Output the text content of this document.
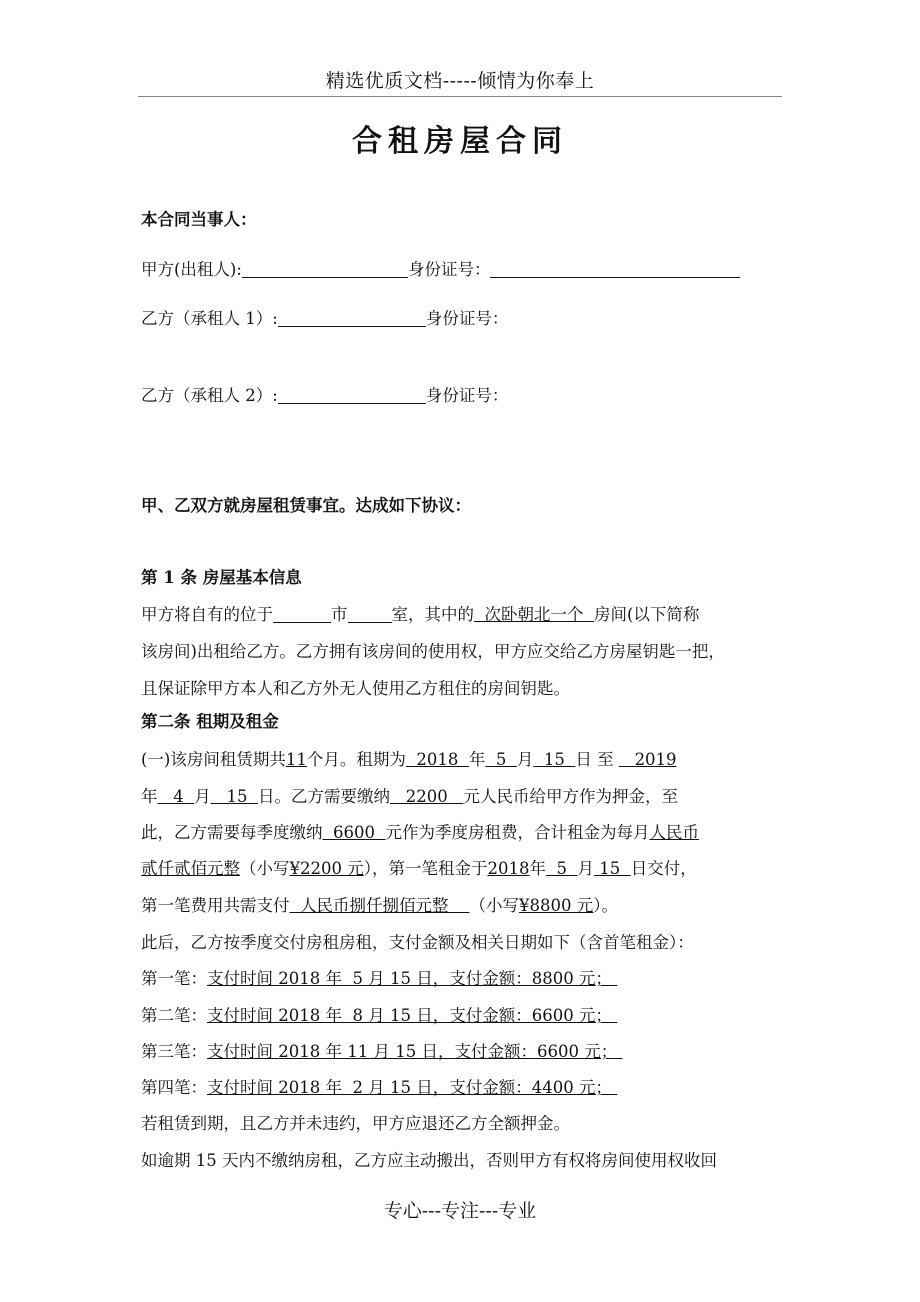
精选优质文档-----倾情为你奉上
合租房屋合同
本合同当事人：
甲方(出租人):	身份证号：
乙方（承租人 1）:	身份证号：
乙方（承租人 2）:	身份证号：
甲、乙双方就房屋租赁事宜。达成如下协议：
第 1 条 房屋基本信息
甲方将自有的位于	市	室，其中的  次卧朝北一个  房间(以下简称
该房间)出租给乙方。乙方拥有该房间的使用权，甲方应交给乙方房屋钥匙一把，
且保证除甲方本人和乙方外无人使用乙方租住的房间钥匙。
第二条 租期及租金
(一)该房间租赁期共11个月。租期为  2018  年  5  月  15  日 至    2019
年   4  月   15  日。乙方需要缴纳   2200   元人民币给甲方作为押金，至
此，乙方需要每季度缴纳  6600  元作为季度房租费，合计租金为每月人民币
贰仟贰佰元整（小写¥2200 元），第一笔租金于2018年  5  月 15  日交付，
第一笔费用共需支付  人民币捌仟捌佰元整    （小写¥8800 元）。
此后，乙方按季度交付房租房租，支付金额及相关日期如下（含首笔租金）：
第一笔：支付时间 2018 年  5 月 15 日，支付金额：8800 元；
第二笔：支付时间 2018 年  8 月 15 日，支付金额：6600 元；
第三笔：支付时间 2018 年 11 月 15 日，支付金额：6600 元；
第四笔：支付时间 2018 年  2 月 15 日，支付金额：4400 元；
若租赁到期，且乙方并未违约，甲方应退还乙方全额押金。
如逾期 15 天内不缴纳房租，乙方应主动搬出，否则甲方有权将房间使用权收回
专心---专注---专业
